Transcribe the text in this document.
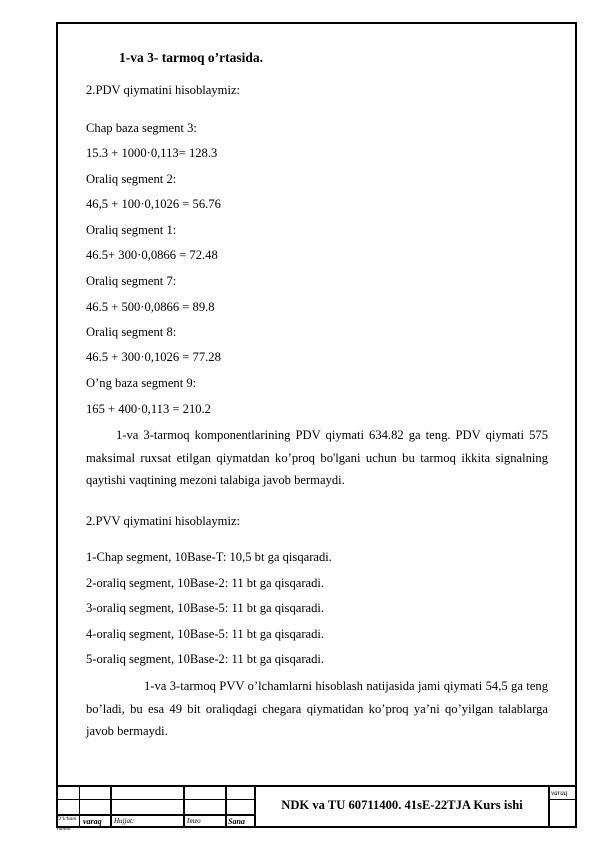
1-va 3- tarmoq o’rtasida.
2.PDV qiymatini hisoblaymiz:
Chap baza segment 3:
15.3 + 1000·0,113= 128.3
Oraliq segment 2:
46,5 + 100·0,1026 = 56.76
Oraliq segment 1:
46.5+ 300·0,0866 = 72.48
Oraliq segment 7:
46.5 + 500·0,0866 = 89.8
Oraliq segment 8:
46.5 + 300·0,1026 = 77.28
O’ng baza segment 9:
165 + 400·0,113 = 210.2
1-va 3-tarmoq komponentlarining PDV qiymati 634.82 ga teng. PDV qiymati 575 maksimal ruxsat etilgan qiymatdan ko’proq bo'lgani uchun bu tarmoq ikkita signalning qaytishi vaqtining mezoni talabiga javob bermaydi.
2.PVV qiymatini hisoblaymiz:
1-Chap segment, 10Base-T: 10,5 bt ga qisqaradi.
2-oraliq segment, 10Base-2: 11 bt ga qisqaradi.
3-oraliq segment, 10Base-5: 11 bt ga qisqaradi.
4-oraliq segment, 10Base-5: 11 bt ga qisqaradi.
5-oraliq segment, 10Base-2: 11 bt ga qisqaradi.
1-va 3-tarmoq PVV o’lchamlarni hisoblash natijasida jami qiymati 54,5 ga teng bo’ladi, bu esa 49 bit oraliqdagi chegara qiymatidan ko’proq ya’ni qo’yilgan talablarga javob bermaydi.
NDK va TU 60711400. 41sE-22TJA Kurs ishi
varaq
O’lcham
hamm
varaq Hujjat:	Imzo	Sana
